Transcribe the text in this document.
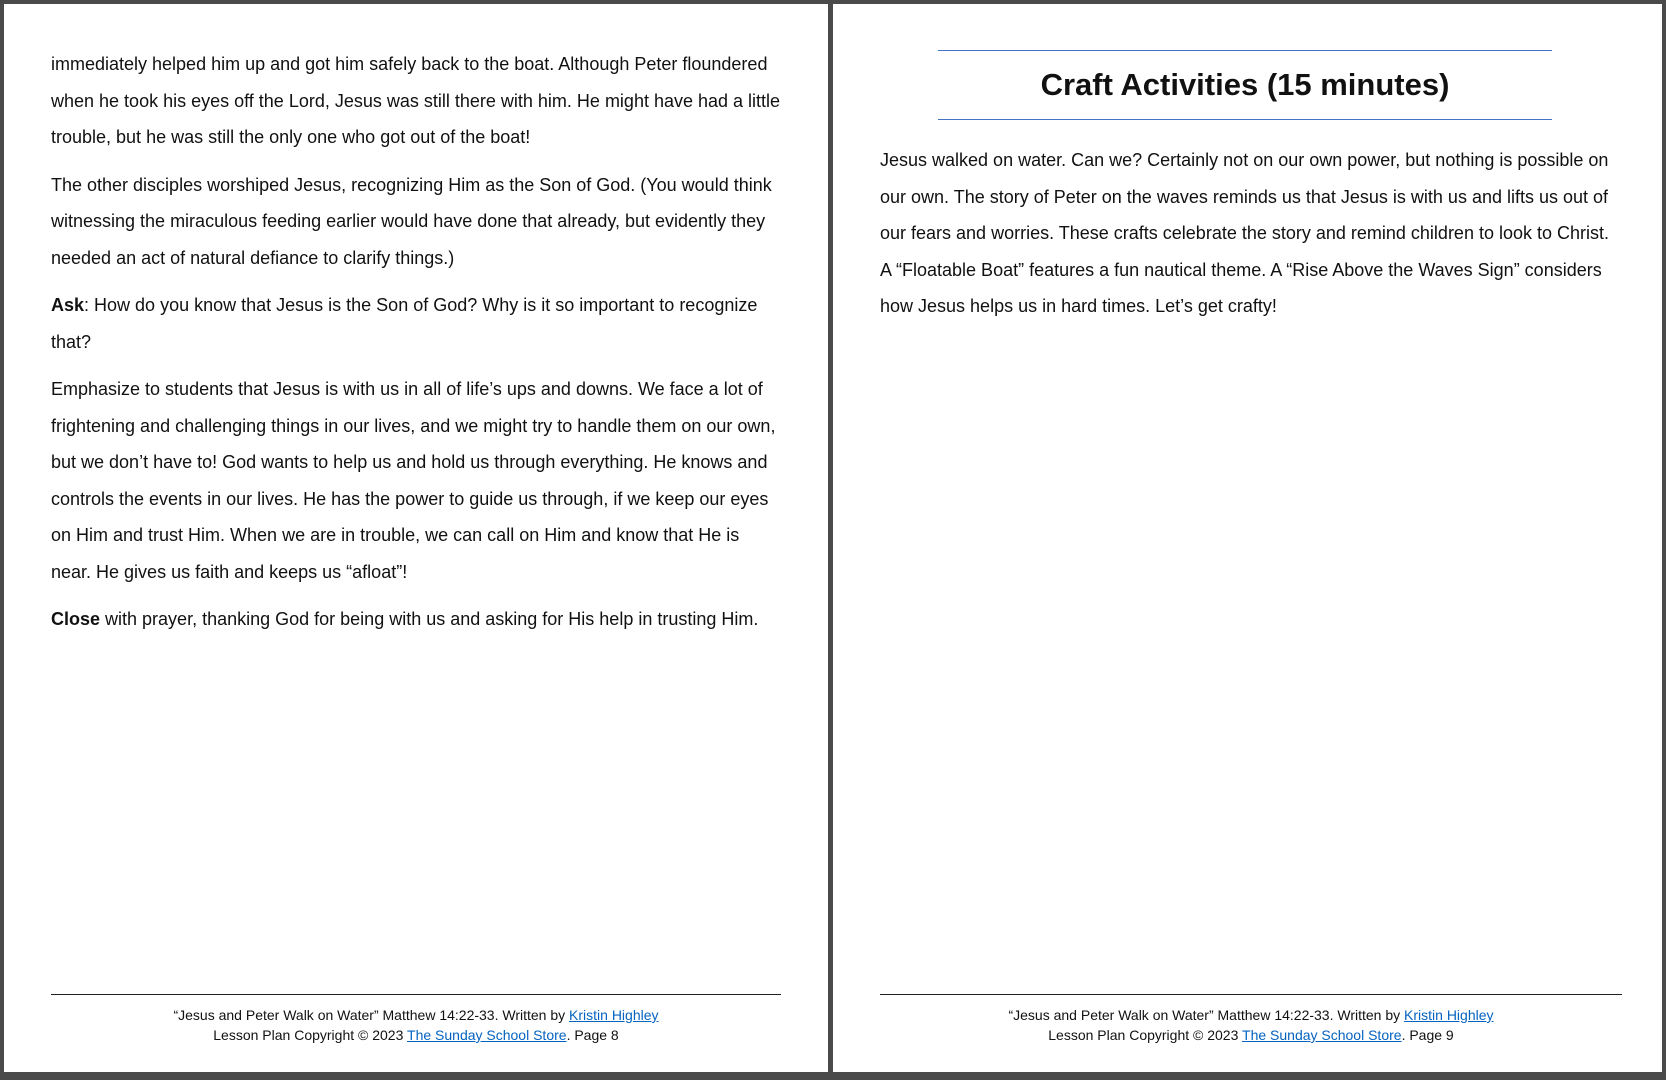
immediately helped him up and got him safely back to the boat. Although Peter floundered when he took his eyes off the Lord, Jesus was still there with him. He might have had a little trouble, but he was still the only one who got out of the boat!

The other disciples worshiped Jesus, recognizing Him as the Son of God. (You would think witnessing the miraculous feeding earlier would have done that already, but evidently they needed an act of natural defiance to clarify things.)

Ask: How do you know that Jesus is the Son of God? Why is it so important to recognize that?

Emphasize to students that Jesus is with us in all of life’s ups and downs. We face a lot of frightening and challenging things in our lives, and we might try to handle them on our own, but we don’t have to! God wants to help us and hold us through everything. He knows and controls the events in our lives. He has the power to guide us through, if we keep our eyes on Him and trust Him. When we are in trouble, we can call on Him and know that He is near. He gives us faith and keeps us “afloat”!

Close with prayer, thanking God for being with us and asking for His help in trusting Him.

“Jesus and Peter Walk on Water” Matthew 14:22-33. Written by Kristin Highley
Lesson Plan Copyright © 2023 The Sunday School Store. Page 8
Craft Activities (15 minutes)

Jesus walked on water. Can we? Certainly not on our own power, but nothing is possible on our own. The story of Peter on the waves reminds us that Jesus is with us and lifts us out of our fears and worries. These crafts celebrate the story and remind children to look to Christ. A “Floatable Boat” features a fun nautical theme. A “Rise Above the Waves Sign” considers how Jesus helps us in hard times. Let’s get crafty!

“Jesus and Peter Walk on Water” Matthew 14:22-33. Written by Kristin Highley
Lesson Plan Copyright © 2023 The Sunday School Store. Page 9
